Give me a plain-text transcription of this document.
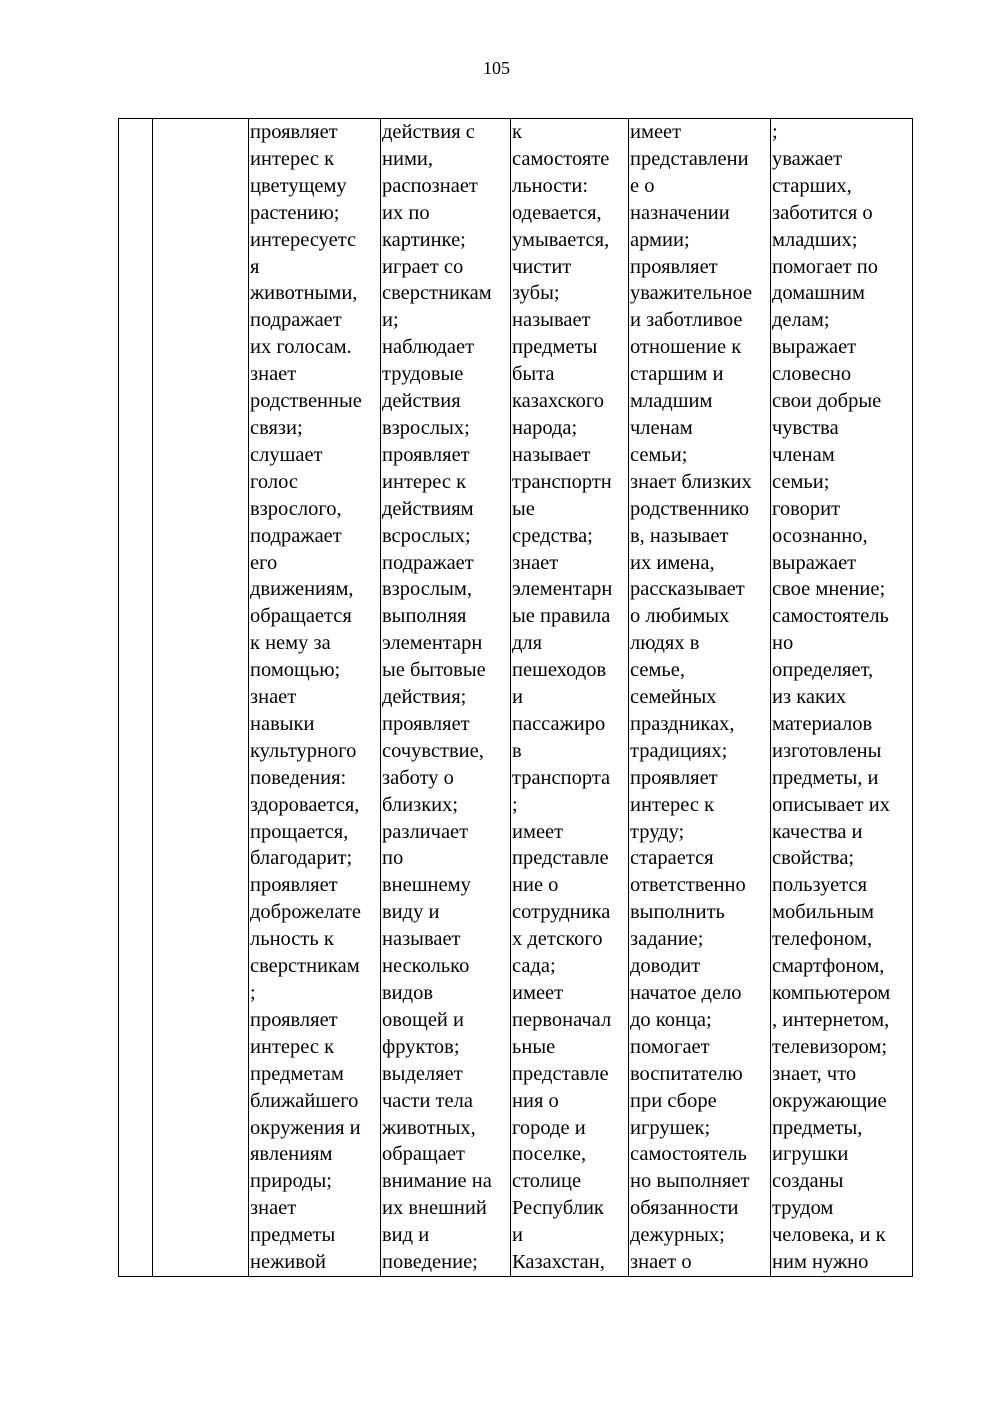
105

проявляет
интерес к
цветущему
растению;
интересуетс
я
животными,
подражает
их голосам.
знает
родственные
связи;
слушает
голос
взрослого,
подражает
его
движениям,
обращается
к нему за
помощью;
знает
навыки
культурного
поведения:
здоровается,
прощается,
благодарит;
проявляет
доброжелате
льность к
сверстникам
;
проявляет
интерес к
предметам
ближайшего
окружения и
явлениям
природы;
знает
предметы
неживой

действия с
ними,
распознает
их по
картинке;
играет со
сверстникам
и;
наблюдает
трудовые
действия
взрослых;
проявляет
интерес к
действиям
всрослых;
подражает
взрослым,
выполняя
элементарн
ые бытовые
действия;
проявляет
сочувствие,
заботу о
близких;
различает
по
внешнему
виду и
называет
несколько
видов
овощей и
фруктов;
выделяет
части тела
животных,
обращает
внимание на
их внешний
вид и
поведение;

к
самостояте
льности:
одевается,
умывается,
чистит
зубы;
называет
предметы
быта
казахского
народа;
называет
транспортн
ые
средства;
знает
элементарн
ые правила
для
пешеходов
и
пассажиро
в
транспорта
;
имеет
представле
ние о
сотрудника
х детского
сада;
имеет
первоначал
ьные
представле
ния о
городе и
поселке,
столице
Республик
и
Казахстан,

имеет
представлени
е о
назначении
армии;
проявляет
уважительное
и заботливое
отношение к
старшим и
младшим
членам
семьи;
знает близких
родственнико
в, называет
их имена,
рассказывает
о любимых
людях в
семье,
семейных
праздниках,
традициях;
проявляет
интерес к
труду;
старается
ответственно
выполнить
задание;
доводит
начатое дело
до конца;
помогает
воспитателю
при сборе
игрушек;
самостоятель
но выполняет
обязанности
дежурных;
знает о

;
уважает
старших,
заботится о
младших;
помогает по
домашним
делам;
выражает
словесно
свои добрые
чувства
членам
семьи;
говорит
осознанно,
выражает
свое мнение;
самостоятель
но
определяет,
из каких
материалов
изготовлены
предметы, и
описывает их
качества и
свойства;
пользуется
мобильным
телефоном,
смартфоном,
компьютером
, интернетом,
телевизором;
знает, что
окружающие
предметы,
игрушки
созданы
трудом
человека, и к
ним нужно
